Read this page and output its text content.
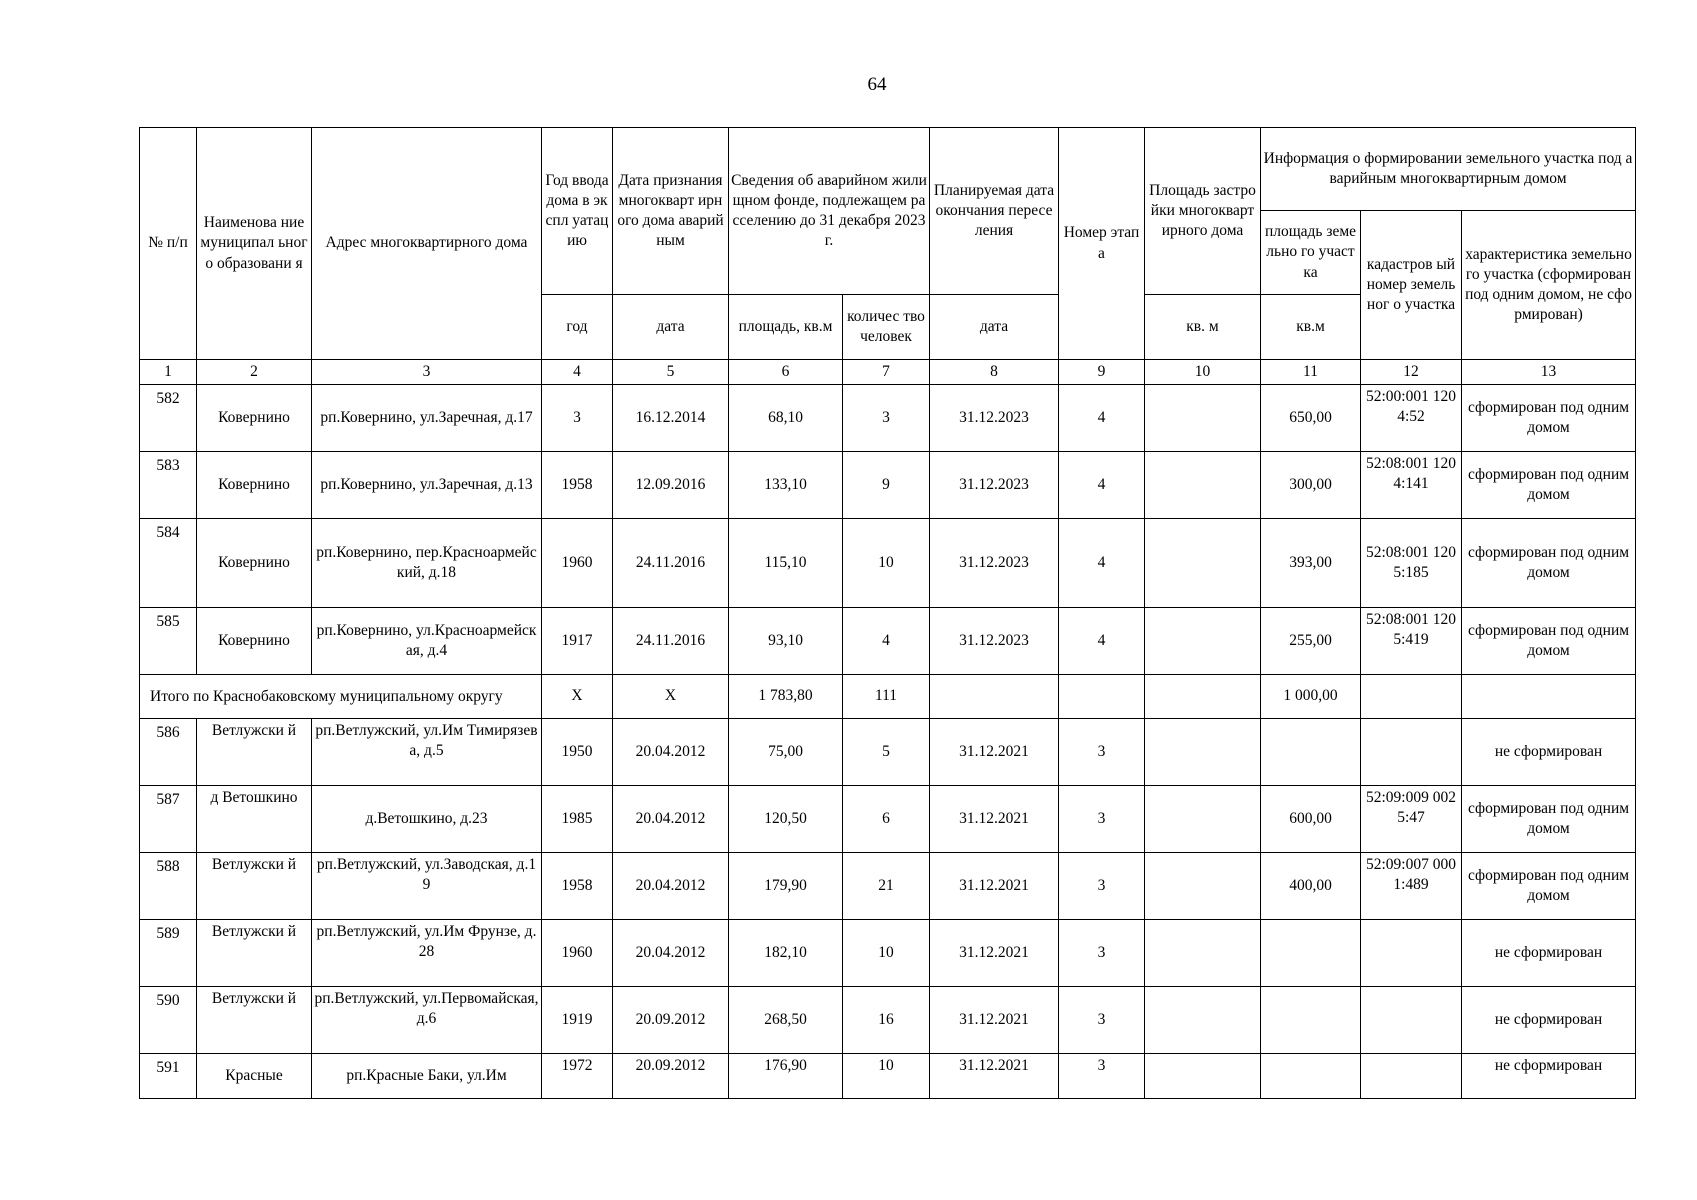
64
№ п/п	Наименова ние муниципал ьного образовани я	Адрес многоквартирного дома	Год ввода дома в экспл уатац ию	Дата признания многокварт ирного дома аварийным	Сведения об аварийном жилищном фонде, подлежащем расселению до 31 декабря 2023 г.		Планируемая дата окончания переселения	Номер этапа	Площадь застройки многокварт ирного дома	Информация о формировании земельного участка под аварийным многоквартирным домом		
										площадь земельно го участка	кадастров ый номер земельног о участка	характеристика земельного участка (сформирован под одним домом, не сформирован)
			год	дата	площадь, кв.м	количес тво человек	дата		кв. м	кв.м		
1	2	3	4	5	6	7	8	9	10	11	12	13
582	Ковернино	рп.Ковернино, ул.Заречная, д.17	3	16.12.2014	68,10	3	31.12.2023	4		650,00	52:00:001 1204:52	сформирован под одним домом
583	Ковернино	рп.Ковернино, ул.Заречная, д.13	1958	12.09.2016	133,10	9	31.12.2023	4		300,00	52:08:001 1204:141	сформирован под одним домом
584	Ковернино	рп.Ковернино, пер.Красноармейский, д.18	1960	24.11.2016	115,10	10	31.12.2023	4		393,00	52:08:001 1205:185	сформирован под одним домом
585	Ковернино	рп.Ковернино, ул.Красноармейская, д.4	1917	24.11.2016	93,10	4	31.12.2023	4		255,00	52:08:001 1205:419	сформирован под одним домом
Итого по Краснобаковскому муниципальному округу			Х	Х	1 783,80	111				1 000,00		
586	Ветлужски й	рп.Ветлужский, ул.Им Тимирязева, д.5	1950	20.04.2012	75,00	5	31.12.2021	3				не сформирован
587	д Ветошкино	д.Ветошкино, д.23	1985	20.04.2012	120,50	6	31.12.2021	3		600,00	52:09:009 0025:47	сформирован под одним домом
588	Ветлужски й	рп.Ветлужский, ул.Заводская, д.19	1958	20.04.2012	179,90	21	31.12.2021	3		400,00	52:09:007 0001:489	сформирован под одним домом
589	Ветлужски й	рп.Ветлужский, ул.Им Фрунзе, д.28	1960	20.04.2012	182,10	10	31.12.2021	3				не сформирован
590	Ветлужски й	рп.Ветлужский, ул.Первомайская, д.6	1919	20.09.2012	268,50	16	31.12.2021	3				не сформирован
591	Красные	рп.Красные Баки, ул.Им	1972	20.09.2012	176,90	10	31.12.2021	3				не сформирован
